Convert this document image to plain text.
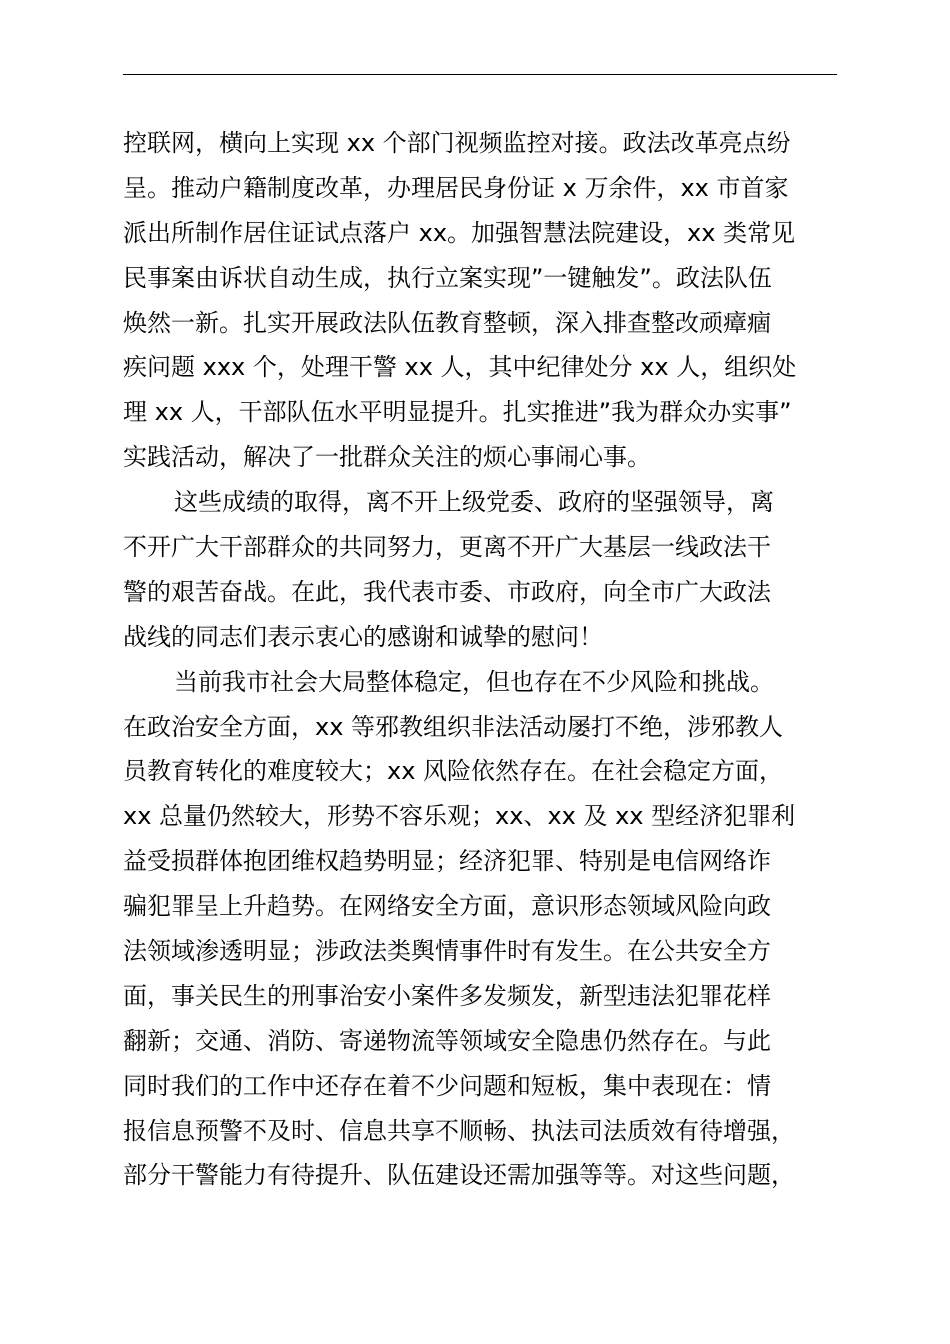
控联网，横向上实现 xx 个部门视频监控对接。政法改革亮点纷
呈。推动户籍制度改革，办理居民身份证 x 万余件，xx 市首家
派出所制作居住证试点落户 xx。加强智慧法院建设，xx 类常见
民事案由诉状自动生成，执行立案实现”一键触发”。政法队伍
焕然一新。扎实开展政法队伍教育整顿，深入排查整改顽瘴痼
疾问题 xxx 个，处理干警 xx 人，其中纪律处分 xx 人，组织处
理 xx 人，干部队伍水平明显提升。扎实推进”我为群众办实事”
实践活动，解决了一批群众关注的烦心事闹心事。
这些成绩的取得，离不开上级党委、政府的坚强领导，离
不开广大干部群众的共同努力，更离不开广大基层一线政法干
警的艰苦奋战。在此，我代表市委、市政府，向全市广大政法
战线的同志们表示衷心的感谢和诚挚的慰问！
当前我市社会大局整体稳定，但也存在不少风险和挑战。
在政治安全方面，xx 等邪教组织非法活动屡打不绝，涉邪教人
员教育转化的难度较大；xx 风险依然存在。在社会稳定方面，
xx 总量仍然较大，形势不容乐观；xx、xx 及 xx 型经济犯罪利
益受损群体抱团维权趋势明显；经济犯罪、特别是电信网络诈
骗犯罪呈上升趋势。在网络安全方面，意识形态领域风险向政
法领域渗透明显；涉政法类舆情事件时有发生。在公共安全方
面，事关民生的刑事治安小案件多发频发，新型违法犯罪花样
翻新；交通、消防、寄递物流等领域安全隐患仍然存在。与此
同时我们的工作中还存在着不少问题和短板，集中表现在：情
报信息预警不及时、信息共享不顺畅、执法司法质效有待增强，
部分干警能力有待提升、队伍建设还需加强等等。对这些问题，
